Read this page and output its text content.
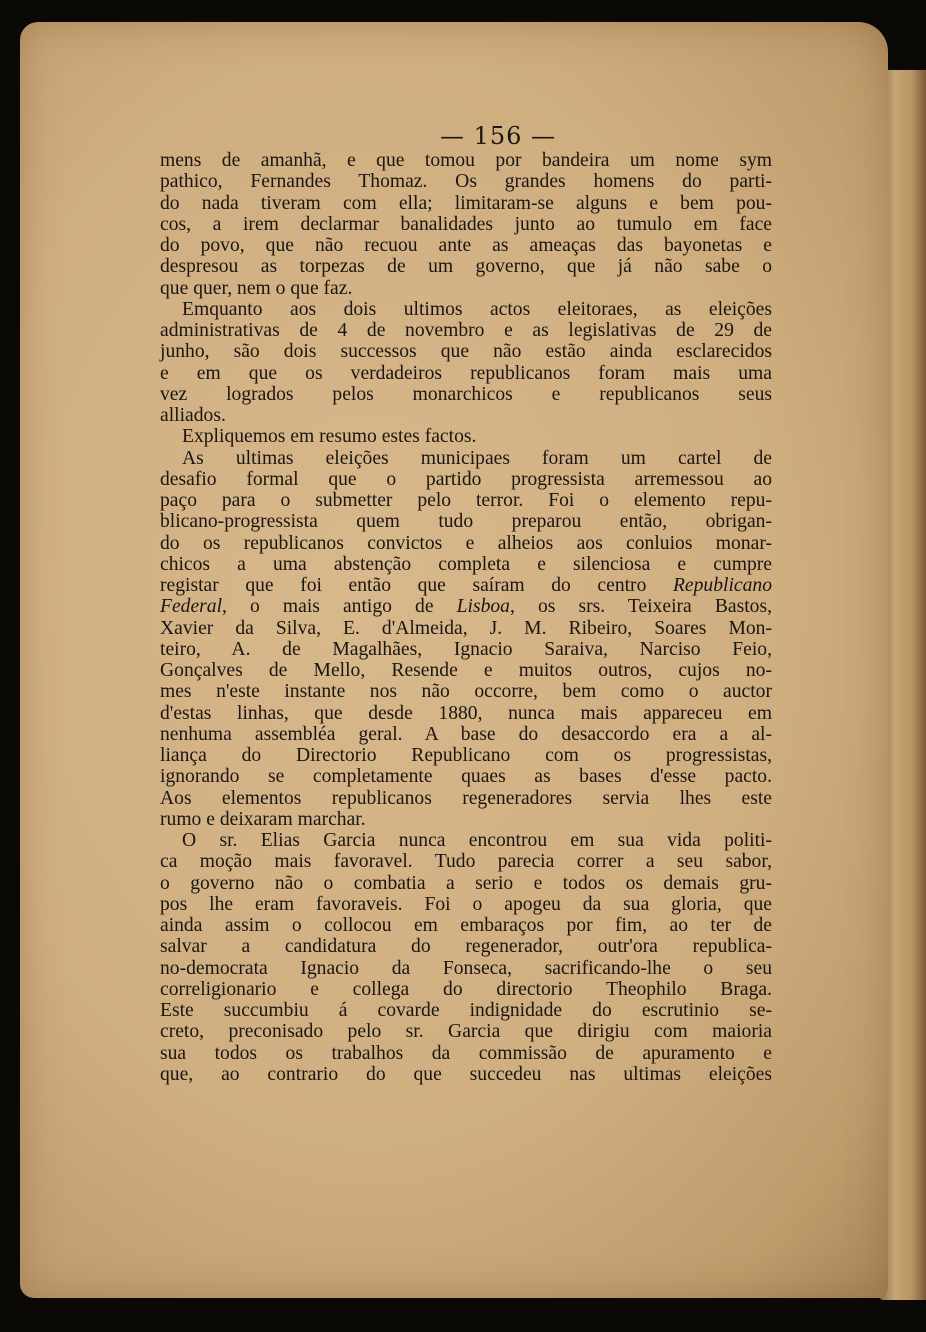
— 156 —
mens de amanhã, e que tomou por bandeira um nome sym
pathico, Fernandes Thomaz. Os grandes homens do parti-
do nada tiveram com ella; limitaram-se alguns e bem pou-
cos, a irem declarmar banalidades junto ao tumulo em face
do povo, que não recuou ante as ameaças das bayonetas e
despresou as torpezas de um governo, que já não sabe o
que quer, nem o que faz.
Emquanto aos dois ultimos actos eleitoraes, as eleições
administrativas de 4 de novembro e as legislativas de 29 de
junho, são dois successos que não estão ainda esclarecidos
e em que os verdadeiros republicanos foram mais uma
vez logrados pelos monarchicos e republicanos seus
alliados.
Expliquemos em resumo estes factos.
As ultimas eleições municipaes foram um cartel de
desafio formal que o partido progressista arremessou ao
paço para o submetter pelo terror. Foi o elemento repu-
blicano-progressista quem tudo preparou então, obrigan-
do os republicanos convictos e alheios aos conluios monar-
chicos a uma abstenção completa e silenciosa e cumpre
registar que foi então que saíram do centro Republicano
Federal, o mais antigo de Lisboa, os srs. Teixeira Bastos,
Xavier da Silva, E. d'Almeida, J. M. Ribeiro, Soares Mon-
teiro, A. de Magalhães, Ignacio Saraiva, Narciso Feio,
Gonçalves de Mello, Resende e muitos outros, cujos no-
mes n'este instante nos não occorre, bem como o auctor
d'estas linhas, que desde 1880, nunca mais appareceu em
nenhuma assembléa geral. A base do desaccordo era a al-
liança do Directorio Republicano com os progressistas,
ignorando se completamente quaes as bases d'esse pacto.
Aos elementos republicanos regeneradores servia lhes este
rumo e deixaram marchar.
O sr. Elias Garcia nunca encontrou em sua vida politi-
ca moção mais favoravel. Tudo parecia correr a seu sabor,
o governo não o combatia a serio e todos os demais gru-
pos lhe eram favoraveis. Foi o apogeu da sua gloria, que
ainda assim o collocou em embaraços por fim, ao ter de
salvar a candidatura do regenerador, outr'ora republica-
no-democrata Ignacio da Fonseca, sacrificando-lhe o seu
correligionario e collega do directorio Theophilo Braga.
Este succumbiu á covarde indignidade do escrutinio se-
creto, preconisado pelo sr. Garcia que dirigiu com maioria
sua todos os trabalhos da commissão de apuramento e
que, ao contrario do que succedeu nas ultimas eleições
